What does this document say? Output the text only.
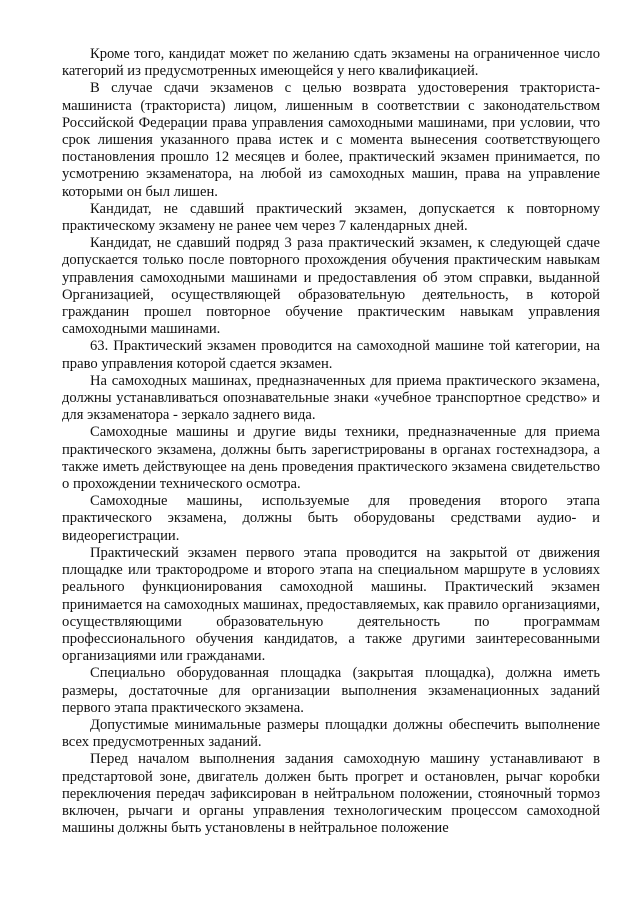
Кроме того, кандидат может по желанию сдать экзамены на ограниченное число категорий из предусмотренных имеющейся у него квалификацией.

В случае сдачи экзаменов с целью возврата удостоверения тракториста-машиниста (тракториста) лицом, лишенным в соответствии с законодательством Российской Федерации права управления самоходными машинами, при условии, что срок лишения указанного права истек и с момента вынесения соответствующего постановления прошло 12 месяцев и более, практический экзамен принимается, по усмотрению экзаменатора, на любой из самоходных машин, права на управление которыми он был лишен.

Кандидат, не сдавший практический экзамен, допускается к повторному практическому экзамену не ранее чем через 7 календарных дней.

Кандидат, не сдавший подряд 3 раза практический экзамен, к следующей сдаче допускается только после повторного прохождения обучения практическим навыкам управления самоходными машинами и предоставления об этом справки, выданной Организацией, осуществляющей образовательную деятельность, в которой гражданин прошел повторное обучение практическим навыкам управления самоходными машинами.

63. Практический экзамен проводится на самоходной машине той категории, на право управления которой сдается экзамен.

На самоходных машинах, предназначенных для приема практического экзамена, должны устанавливаться опознавательные знаки «учебное транспортное средство» и для экзаменатора - зеркало заднего вида.

Самоходные машины и другие виды техники, предназначенные для приема практического экзамена, должны быть зарегистрированы в органах гостехнадзора, а также иметь действующее на день проведения практического экзамена свидетельство о прохождении технического осмотра.

Самоходные машины, используемые для проведения второго этапа практического экзамена, должны быть оборудованы средствами аудио- и видеорегистрации.

Практический экзамен первого этапа проводится на закрытой от движения площадке или трактородроме и второго этапа на специальном маршруте в условиях реального функционирования самоходной машины. Практический экзамен принимается на самоходных машинах, предоставляемых, как правило организациями, осуществляющими образовательную деятельность по программам профессионального обучения кандидатов, а также другими заинтересованными организациями или гражданами.

Специально оборудованная площадка (закрытая площадка), должна иметь размеры, достаточные для организации выполнения экзаменационных заданий первого этапа практического экзамена.

Допустимые минимальные размеры площадки должны обеспечить выполнение всех предусмотренных заданий.

Перед началом выполнения задания самоходную машину устанавливают в предстартовой зоне, двигатель должен быть прогрет и остановлен, рычаг коробки переключения передач зафиксирован в нейтральном положении, стояночный тормоз включен, рычаги и органы управления технологическим процессом самоходной машины должны быть установлены в нейтральное положение
